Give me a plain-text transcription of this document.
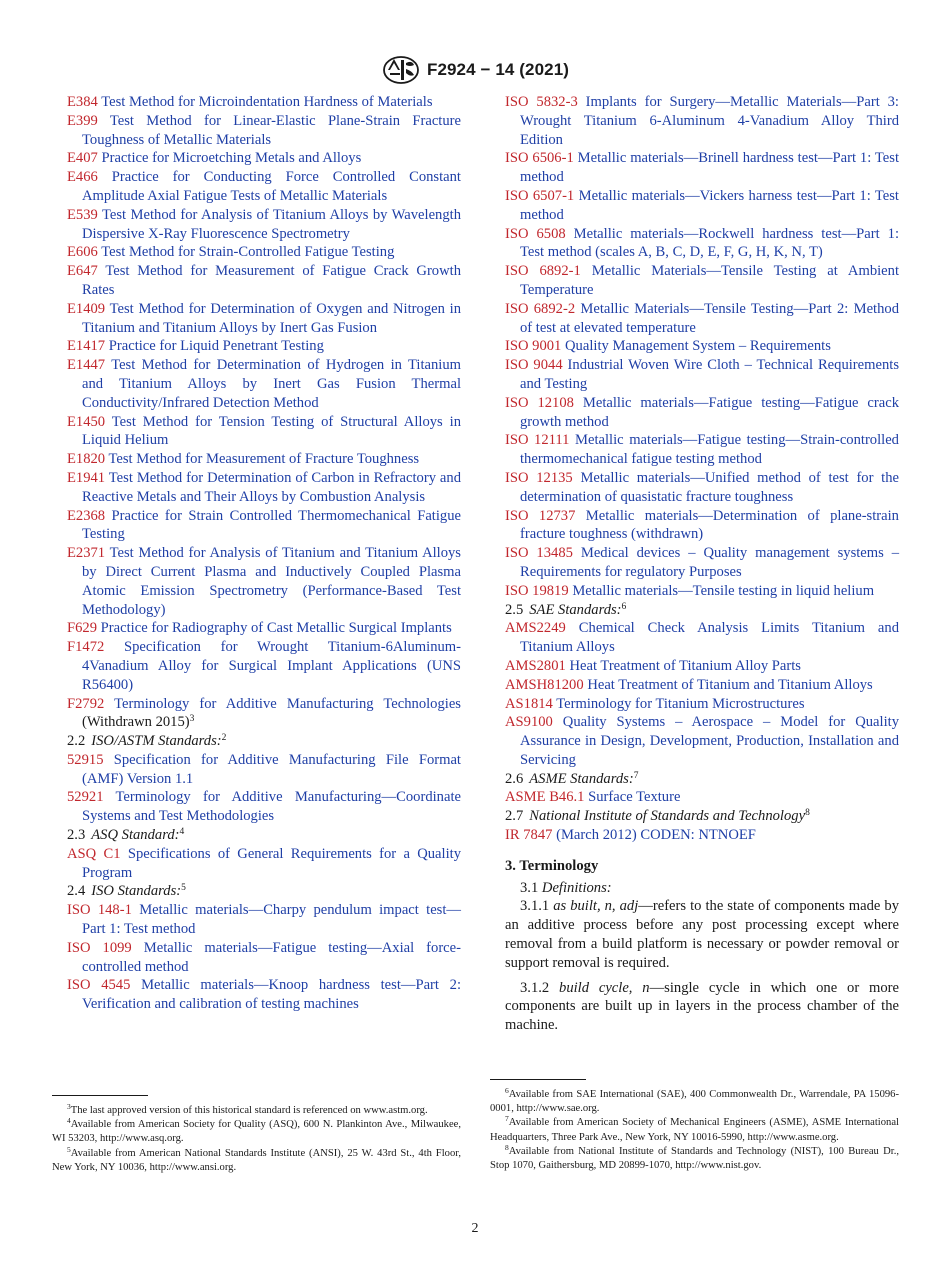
F2924 − 14 (2021)
E384 Test Method for Microindentation Hardness of Materials
E399 Test Method for Linear-Elastic Plane-Strain Fracture Toughness of Metallic Materials
E407 Practice for Microetching Metals and Alloys
E466 Practice for Conducting Force Controlled Constant Amplitude Axial Fatigue Tests of Metallic Materials
E539 Test Method for Analysis of Titanium Alloys by Wavelength Dispersive X-Ray Fluorescence Spectrometry
E606 Test Method for Strain-Controlled Fatigue Testing
E647 Test Method for Measurement of Fatigue Crack Growth Rates
E1409 Test Method for Determination of Oxygen and Nitrogen in Titanium and Titanium Alloys by Inert Gas Fusion
E1417 Practice for Liquid Penetrant Testing
E1447 Test Method for Determination of Hydrogen in Titanium and Titanium Alloys by Inert Gas Fusion Thermal Conductivity/Infrared Detection Method
E1450 Test Method for Tension Testing of Structural Alloys in Liquid Helium
E1820 Test Method for Measurement of Fracture Toughness
E1941 Test Method for Determination of Carbon in Refractory and Reactive Metals and Their Alloys by Combustion Analysis
E2368 Practice for Strain Controlled Thermomechanical Fatigue Testing
E2371 Test Method for Analysis of Titanium and Titanium Alloys by Direct Current Plasma and Inductively Coupled Plasma Atomic Emission Spectrometry (Performance-Based Test Methodology)
F629 Practice for Radiography of Cast Metallic Surgical Implants
F1472 Specification for Wrought Titanium-6Aluminum-4Vanadium Alloy for Surgical Implant Applications (UNS R56400)
F2792 Terminology for Additive Manufacturing Technologies (Withdrawn 2015)$^3$
2.2 ISO/ASTM Standards:$^2$
52915 Specification for Additive Manufacturing File Format (AMF) Version 1.1
52921 Terminology for Additive Manufacturing—Coordinate Systems and Test Methodologies
2.3 ASQ Standard:$^4$
ASQ C1 Specifications of General Requirements for a Quality Program
2.4 ISO Standards:$^5$
ISO 148-1 Metallic materials—Charpy pendulum impact test—Part 1: Test method
ISO 1099 Metallic materials—Fatigue testing—Axial force-controlled method
ISO 4545 Metallic materials—Knoop hardness test—Part 2: Verification and calibration of testing machines
ISO 5832-3 Implants for Surgery—Metallic Materials—Part 3: Wrought Titanium 6-Aluminum 4-Vanadium Alloy Third Edition
ISO 6506-1 Metallic materials—Brinell hardness test—Part 1: Test method
ISO 6507-1 Metallic materials—Vickers harness test—Part 1: Test method
ISO 6508 Metallic materials—Rockwell hardness test—Part 1: Test method (scales A, B, C, D, E, F, G, H, K, N, T)
ISO 6892-1 Metallic Materials—Tensile Testing at Ambient Temperature
ISO 6892-2 Metallic Materials—Tensile Testing—Part 2: Method of test at elevated temperature
ISO 9001 Quality Management System – Requirements
ISO 9044 Industrial Woven Wire Cloth – Technical Requirements and Testing
ISO 12108 Metallic materials—Fatigue testing—Fatigue crack growth method
ISO 12111 Metallic materials—Fatigue testing—Strain-controlled thermomechanical fatigue testing method
ISO 12135 Metallic materials—Unified method of test for the determination of quasistatic fracture toughness
ISO 12737 Metallic materials—Determination of plane-strain fracture toughness (withdrawn)
ISO 13485 Medical devices – Quality management systems – Requirements for regulatory Purposes
ISO 19819 Metallic materials—Tensile testing in liquid helium
2.5 SAE Standards:$^6$
AMS2249 Chemical Check Analysis Limits Titanium and Titanium Alloys
AMS2801 Heat Treatment of Titanium Alloy Parts
AMSH81200 Heat Treatment of Titanium and Titanium Alloys
AS1814 Terminology for Titanium Microstructures
AS9100 Quality Systems – Aerospace – Model for Quality Assurance in Design, Development, Production, Installation and Servicing
2.6 ASME Standards:$^7$
ASME B46.1 Surface Texture
2.7 National Institute of Standards and Technology$^8$
IR 7847 (March 2012) CODEN: NTNOEF
3. Terminology
3.1 Definitions:
3.1.1 as built, n, adj—refers to the state of components made by an additive process before any post processing except where removal from a build platform is necessary or powder removal or support removal is required.
3.1.2 build cycle, n—single cycle in which one or more components are built up in layers in the process chamber of the machine.
$^3$The last approved version of this historical standard is referenced on www.astm.org.
$^4$Available from American Society for Quality (ASQ), 600 N. Plankinton Ave., Milwaukee, WI 53203, http://www.asq.org.
$^5$Available from American National Standards Institute (ANSI), 25 W. 43rd St., 4th Floor, New York, NY 10036, http://www.ansi.org.
$^6$Available from SAE International (SAE), 400 Commonwealth Dr., Warrendale, PA 15096-0001, http://www.sae.org.
$^7$Available from American Society of Mechanical Engineers (ASME), ASME International Headquarters, Three Park Ave., New York, NY 10016-5990, http://www.asme.org.
$^8$Available from National Institute of Standards and Technology (NIST), 100 Bureau Dr., Stop 1070, Gaithersburg, MD 20899-1070, http://www.nist.gov.
2
